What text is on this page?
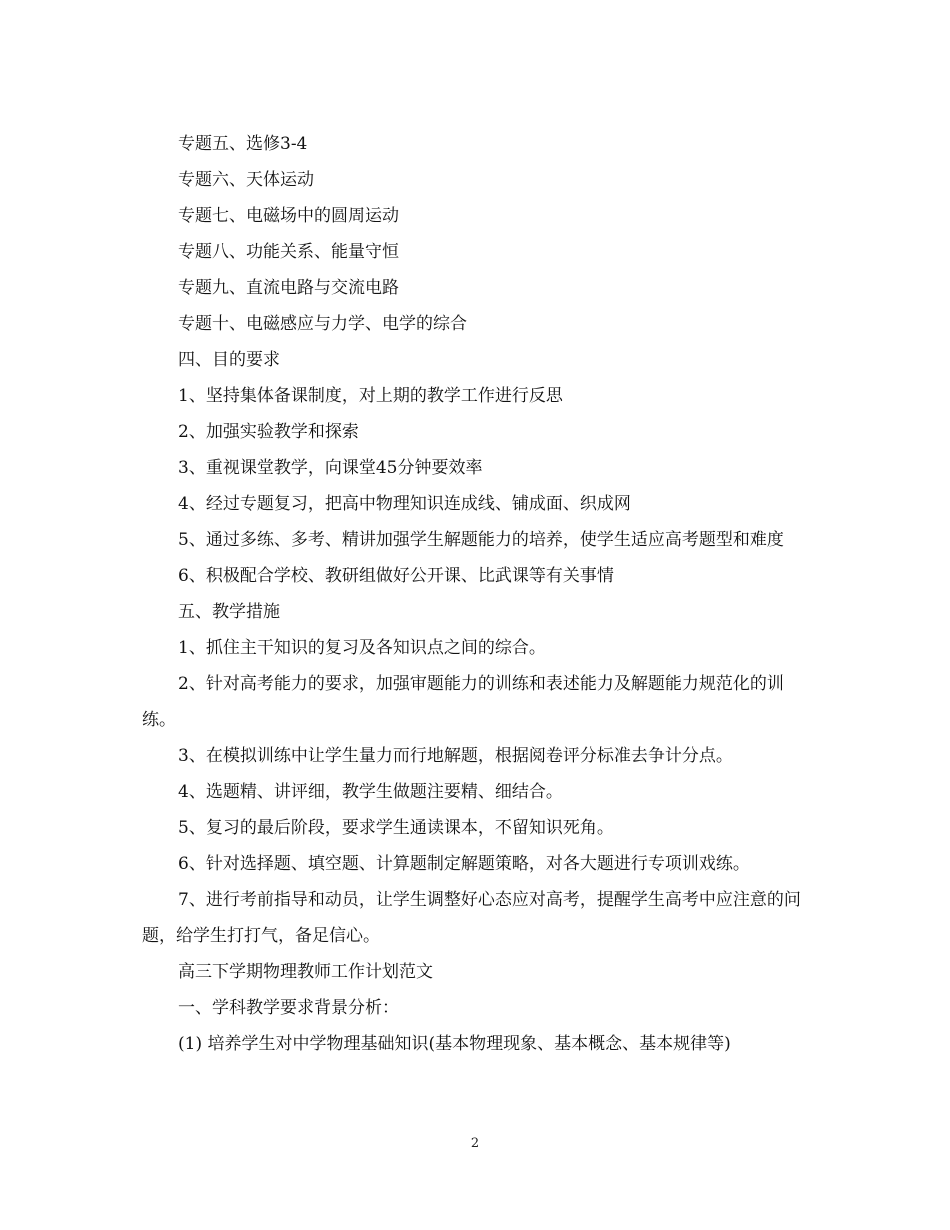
专题五、选修3-4

专题六、天体运动

专题七、电磁场中的圆周运动

专题八、功能关系、能量守恒

专题九、直流电路与交流电路

专题十、电磁感应与力学、电学的综合

四、目的要求

1、坚持集体备课制度，对上期的教学工作进行反思

2、加强实验教学和探索

3、重视课堂教学，向课堂45分钟要效率

4、经过专题复习，把高中物理知识连成线、铺成面、织成网

5、通过多练、多考、精讲加强学生解题能力的培养，使学生适应高考题型和难度

6、积极配合学校、教研组做好公开课、比武课等有关事情

五、教学措施

1、抓住主干知识的复习及各知识点之间的综合。

2、针对高考能力的要求，加强审题能力的训练和表述能力及解题能力规范化的训练。

3、在模拟训练中让学生量力而行地解题，根据阅卷评分标准去争计分点。

4、选题精、讲评细，教学生做题注要精、细结合。

5、复习的最后阶段，要求学生通读课本，不留知识死角。

6、针对选择题、填空题、计算题制定解题策略，对各大题进行专项训戏练。

7、进行考前指导和动员，让学生调整好心态应对高考，提醒学生高考中应注意的问题，给学生打打气，备足信心。

高三下学期物理教师工作计划范文

一、学科教学要求背景分析：

(1) 培养学生对中学物理基础知识(基本物理现象、基本概念、基本规律等)

2
